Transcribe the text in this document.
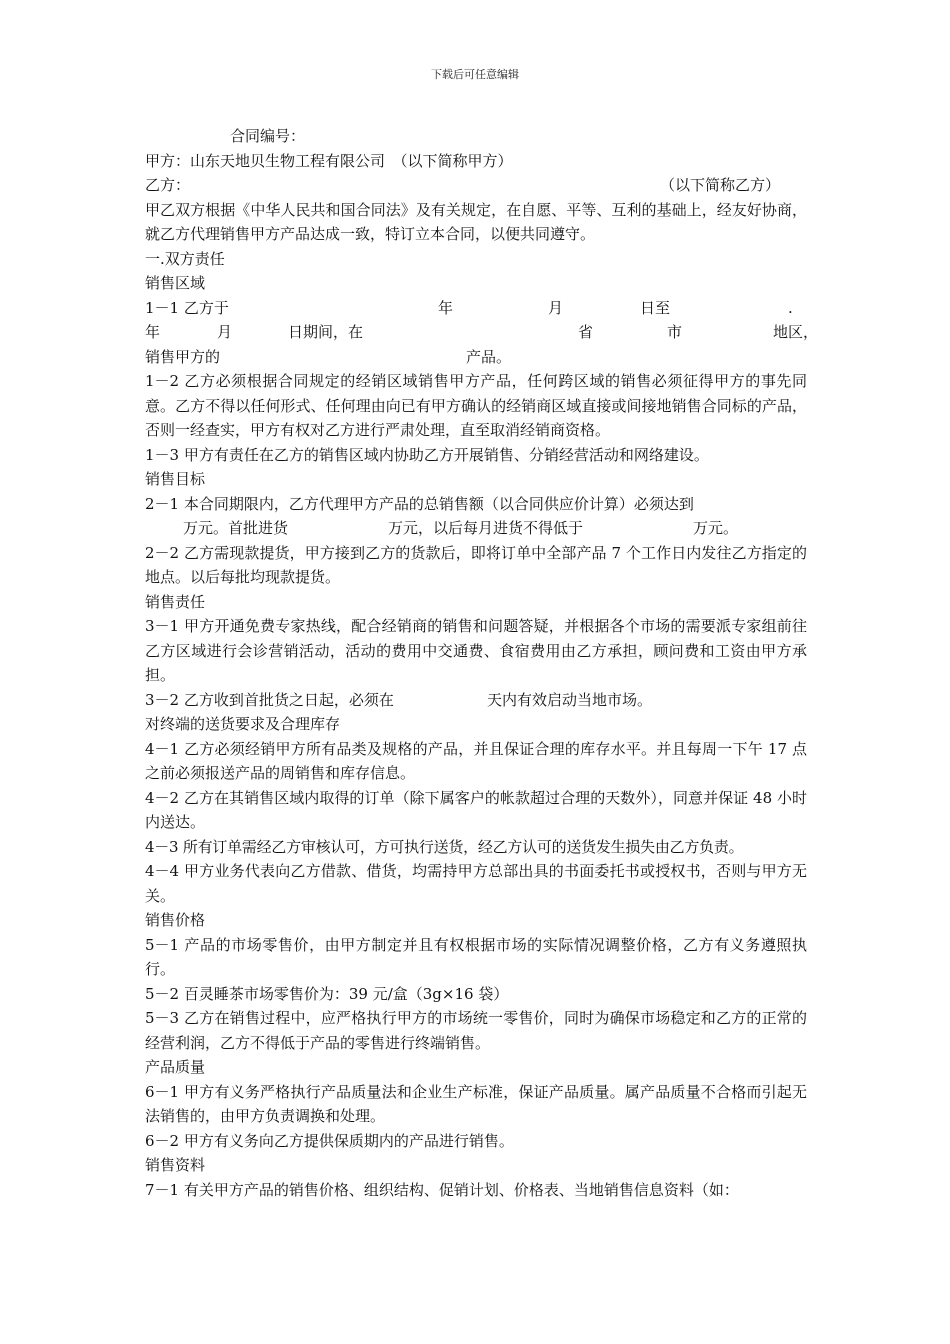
下载后可任意编辑
合同编号：
甲方：山东天地贝生物工程有限公司　（以下简称甲方）
乙方：	（以下简称乙方）
甲乙双方根据《中华人民共和国合同法》及有关规定，在自愿、平等、互利的基础上，经友好协商，就乙方代理销售甲方产品达成一致，特订立本合同，以便共同遵守。
一.双方责任
销售区域
1－1 乙方于	年	月	日至	.
年	月	日期间，在	省	市	地区，
销售甲方的	产品。
1－2 乙方必须根据合同规定的经销区域销售甲方产品，任何跨区域的销售必须征得甲方的事先同意。乙方不得以任何形式、任何理由向已有甲方确认的经销商区域直接或间接地销售合同标的产品，否则一经查实，甲方有权对乙方进行严肃处理，直至取消经销商资格。
1－3 甲方有责任在乙方的销售区域内协助乙方开展销售、分销经营活动和网络建设。
销售目标
2－1 本合同期限内，乙方代理甲方产品的总销售额（以合同供应价计算）必须达到
万元。首批进货	万元，以后每月进货不得低于	万元。
2－2 乙方需现款提货，甲方接到乙方的货款后，即将订单中全部产品 7 个工作日内发往乙方指定的地点。以后每批均现款提货。
销售责任
3－1 甲方开通免费专家热线，配合经销商的销售和问题答疑，并根据各个市场的需要派专家组前往乙方区域进行会诊营销活动，活动的费用中交通费、食宿费用由乙方承担，顾问费和工资由甲方承担。
3－2 乙方收到首批货之日起，必须在	天内有效启动当地市场。
对终端的送货要求及合理库存
4－1 乙方必须经销甲方所有品类及规格的产品，并且保证合理的库存水平。并且每周一下午 17 点之前必须报送产品的周销售和库存信息。
4－2 乙方在其销售区域内取得的订单（除下属客户的帐款超过合理的天数外），同意并保证 48 小时内送达。
4－3 所有订单需经乙方审核认可，方可执行送货，经乙方认可的送货发生损失由乙方负责。
4－4 甲方业务代表向乙方借款、借货，均需持甲方总部出具的书面委托书或授权书，否则与甲方无关。
销售价格
5－1 产品的市场零售价，由甲方制定并且有权根据市场的实际情况调整价格，乙方有义务遵照执行。
5－2 百灵睡茶市场零售价为：39 元/盒（3g×16 袋）
5－3 乙方在销售过程中，应严格执行甲方的市场统一零售价，同时为确保市场稳定和乙方的正常的经营利润，乙方不得低于产品的零售进行终端销售。
产品质量
6－1 甲方有义务严格执行产品质量法和企业生产标准，保证产品质量。属产品质量不合格而引起无法销售的，由甲方负责调换和处理。
6－2 甲方有义务向乙方提供保质期内的产品进行销售。
销售资料
7－1 有关甲方产品的销售价格、组织结构、促销计划、价格表、当地销售信息资料（如：
